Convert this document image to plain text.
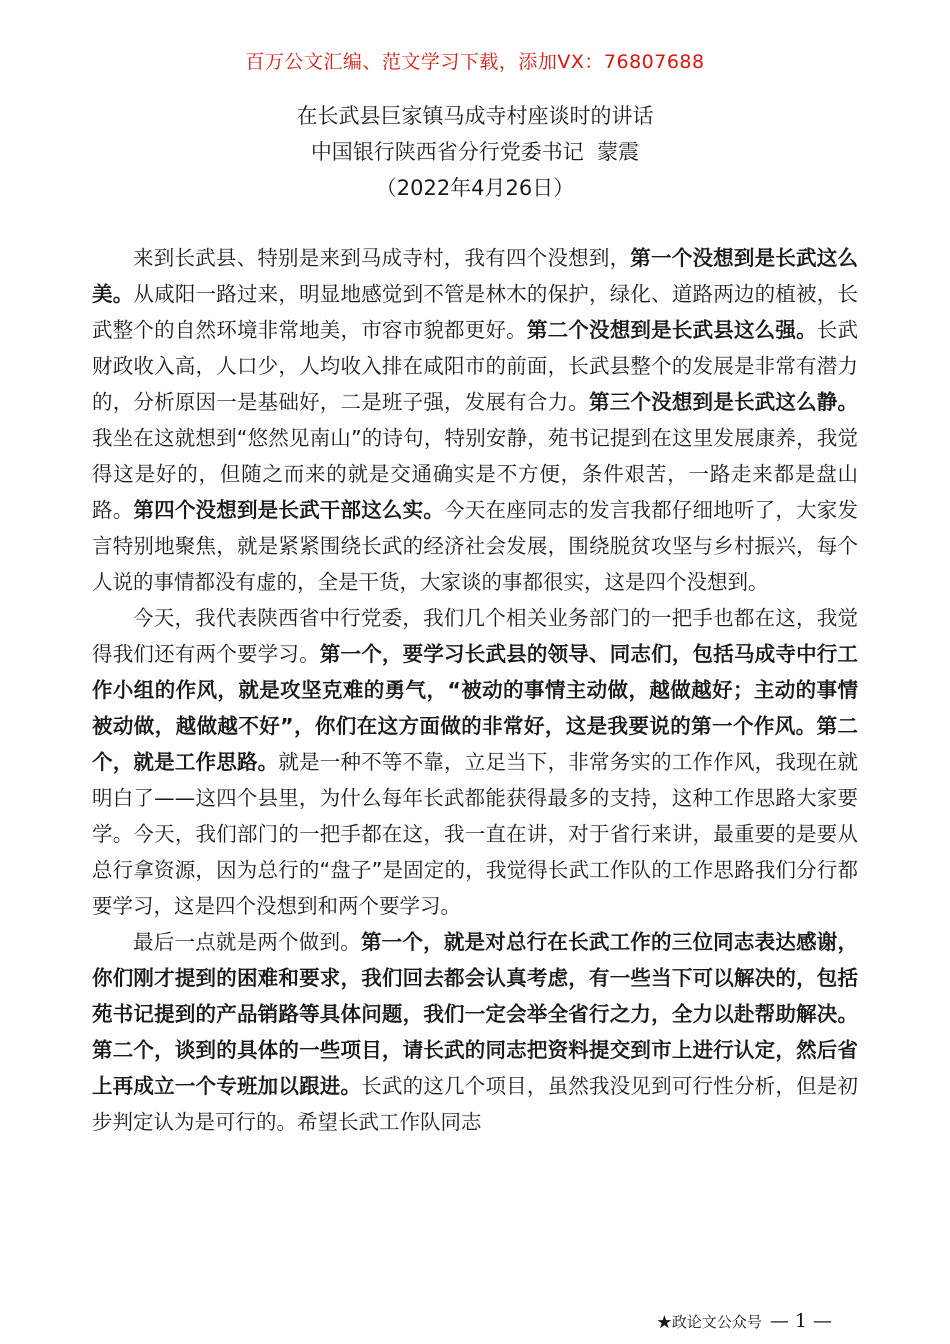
百万公文汇编、范文学习下载，添加VX：76807688
在长武县巨家镇马成寺村座谈时的讲话
中国银行陕西省分行党委书记  蒙震
（2022年4月26日）

来到长武县、特别是来到马成寺村，我有四个没想到，第一个没想到是长武这么美。从咸阳一路过来，明显地感觉到不管是林木的保护，绿化、道路两边的植被，长武整个的自然环境非常地美，市容市貌都更好。第二个没想到是长武县这么强。长武财政收入高，人口少，人均收入排在咸阳市的前面，长武县整个的发展是非常有潜力的，分析原因一是基础好，二是班子强，发展有合力。第三个没想到是长武这么静。我坐在这就想到“悠然见南山”的诗句，特别安静，苑书记提到在这里发展康养，我觉得这是好的，但随之而来的就是交通确实是不方便，条件艰苦，一路走来都是盘山路。第四个没想到是长武干部这么实。今天在座同志的发言我都仔细地听了，大家发言特别地聚焦，就是紧紧围绕长武的经济社会发展，围绕脱贫攻坚与乡村振兴，每个人说的事情都没有虚的，全是干货，大家谈的事都很实，这是四个没想到。

今天，我代表陕西省中行党委，我们几个相关业务部门的一把手也都在这，我觉得我们还有两个要学习。第一个，要学习长武县的领导、同志们，包括马成寺中行工作小组的作风，就是攻坚克难的勇气，“被动的事情主动做，越做越好；主动的事情被动做，越做越不好”，你们在这方面做的非常好，这是我要说的第一个作风。第二个，就是工作思路。就是一种不等不靠，立足当下，非常务实的工作作风，我现在就明白了——这四个县里，为什么每年长武都能获得最多的支持，这种工作思路大家要学。今天，我们部门的一把手都在这，我一直在讲，对于省行来讲，最重要的是要从总行拿资源，因为总行的“盘子”是固定的，我觉得长武工作队的工作思路我们分行都要学习，这是四个没想到和两个要学习。

最后一点就是两个做到。第一个，就是对总行在长武工作的三位同志表达感谢，你们刚才提到的困难和要求，我们回去都会认真考虑，有一些当下可以解决的，包括苑书记提到的产品销路等具体问题，我们一定会举全省行之力，全力以赴帮助解决。第二个，谈到的具体的一些项目，请长武的同志把资料提交到市上进行认定，然后省上再成立一个专班加以跟进。长武的这几个项目，虽然我没见到可行性分析，但是初步判定认为是可行的。希望长武工作队同志

★政论文公众号 — 1 —
